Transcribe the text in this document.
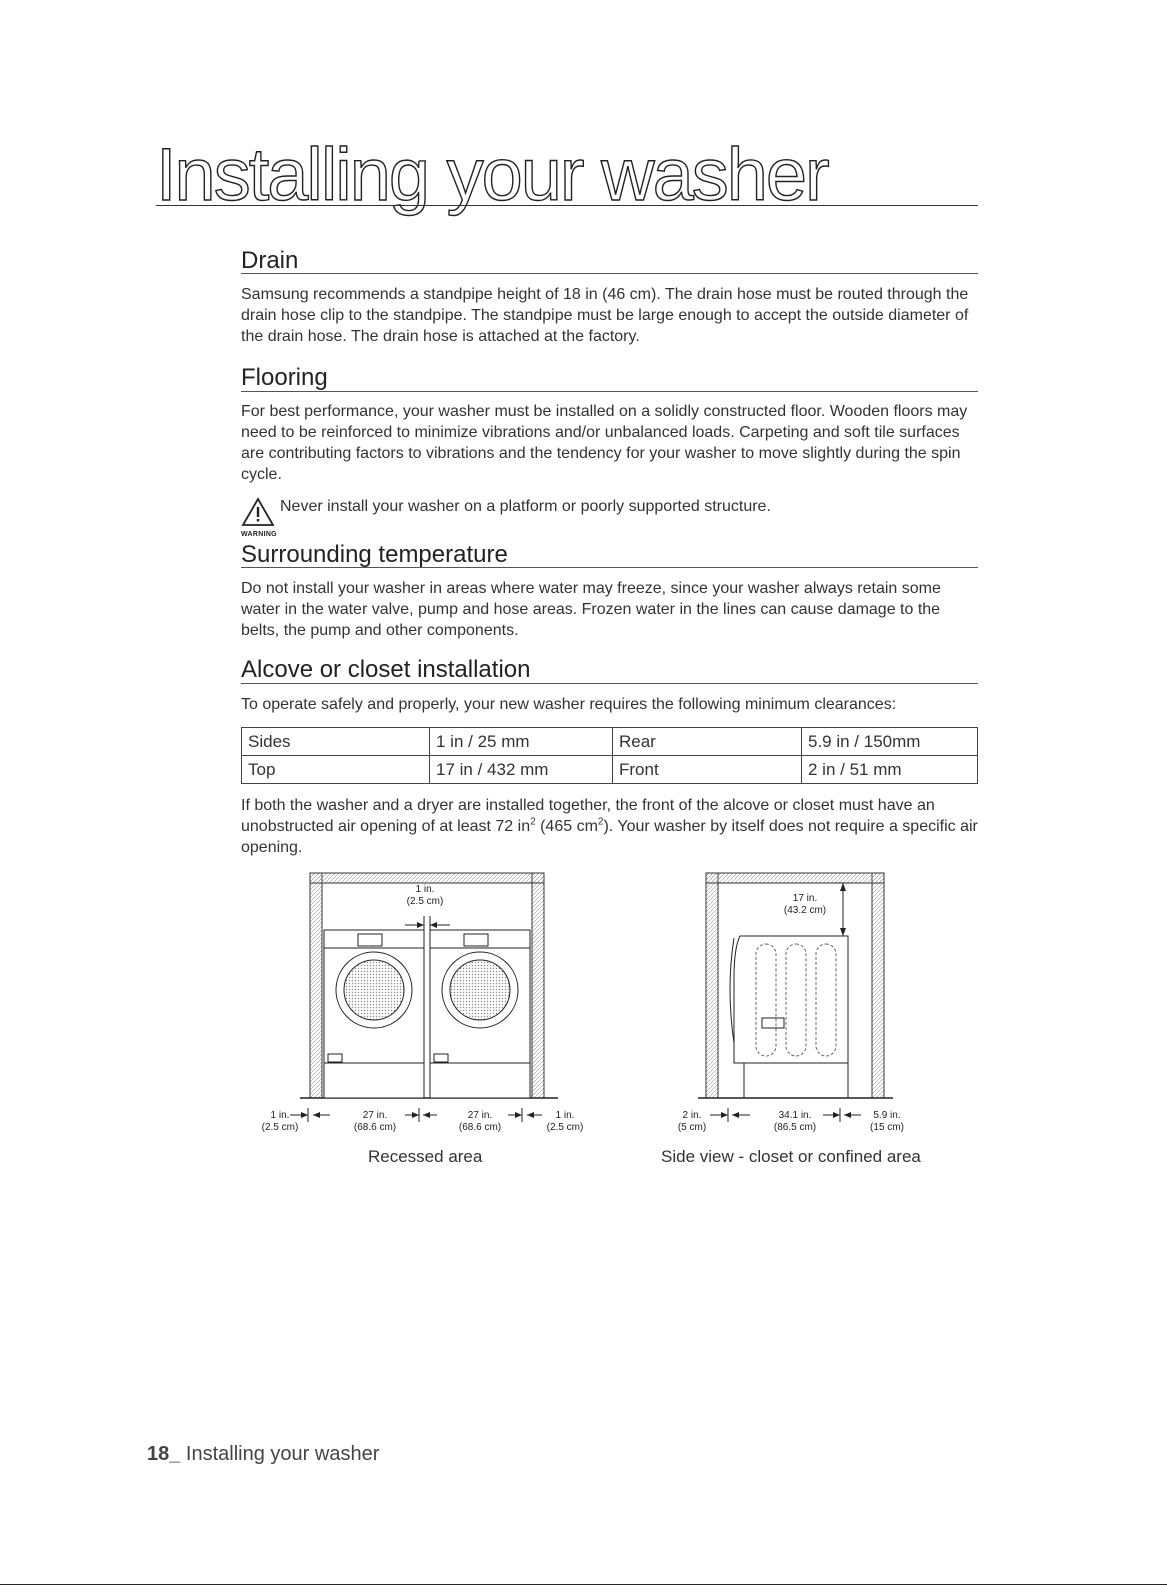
Installing your washer
Drain
Samsung recommends a standpipe height of 18 in (46 cm). The drain hose must be routed through the drain hose clip to the standpipe. The standpipe must be large enough to accept the outside diameter of the drain hose. The drain hose is attached at the factory.
Flooring
For best performance, your washer must be installed on a solidly constructed floor. Wooden floors may need to be reinforced to minimize vibrations and/or unbalanced loads. Carpeting and soft tile surfaces are contributing factors to vibrations and the tendency for your washer to move slightly during the spin cycle.
Never install your washer on a platform or poorly supported structure.
WARNING
Surrounding temperature
Do not install your washer in areas where water may freeze, since your washer always retain some water in the water valve, pump and hose areas. Frozen water in the lines can cause damage to the belts, the pump and other components.
Alcove or closet installation
To operate safely and properly, your new washer requires the following minimum clearances:
Sides	1 in / 25 mm	Rear	5.9 in / 150mm
Top	17 in / 432 mm	Front	2 in / 51 mm
If both the washer and a dryer are installed together, the front of the alcove or closet must have an unobstructed air opening of at least 72 $in^2$ (465 $cm^2$). Your washer by itself does not require a specific air opening.
1 in.
(2.5 cm)
1 in.
(2.5 cm)
27 in.
(68.6 cm)
27 in.
(68.6 cm)
1 in.
(2.5 cm)
Recessed area
17 in.
(43.2 cm)
2 in.
(5 cm)
34.1 in.
(86.5 cm)
5.9 in.
(15 cm)
Side view - closet or confined area
18_ Installing your washer
